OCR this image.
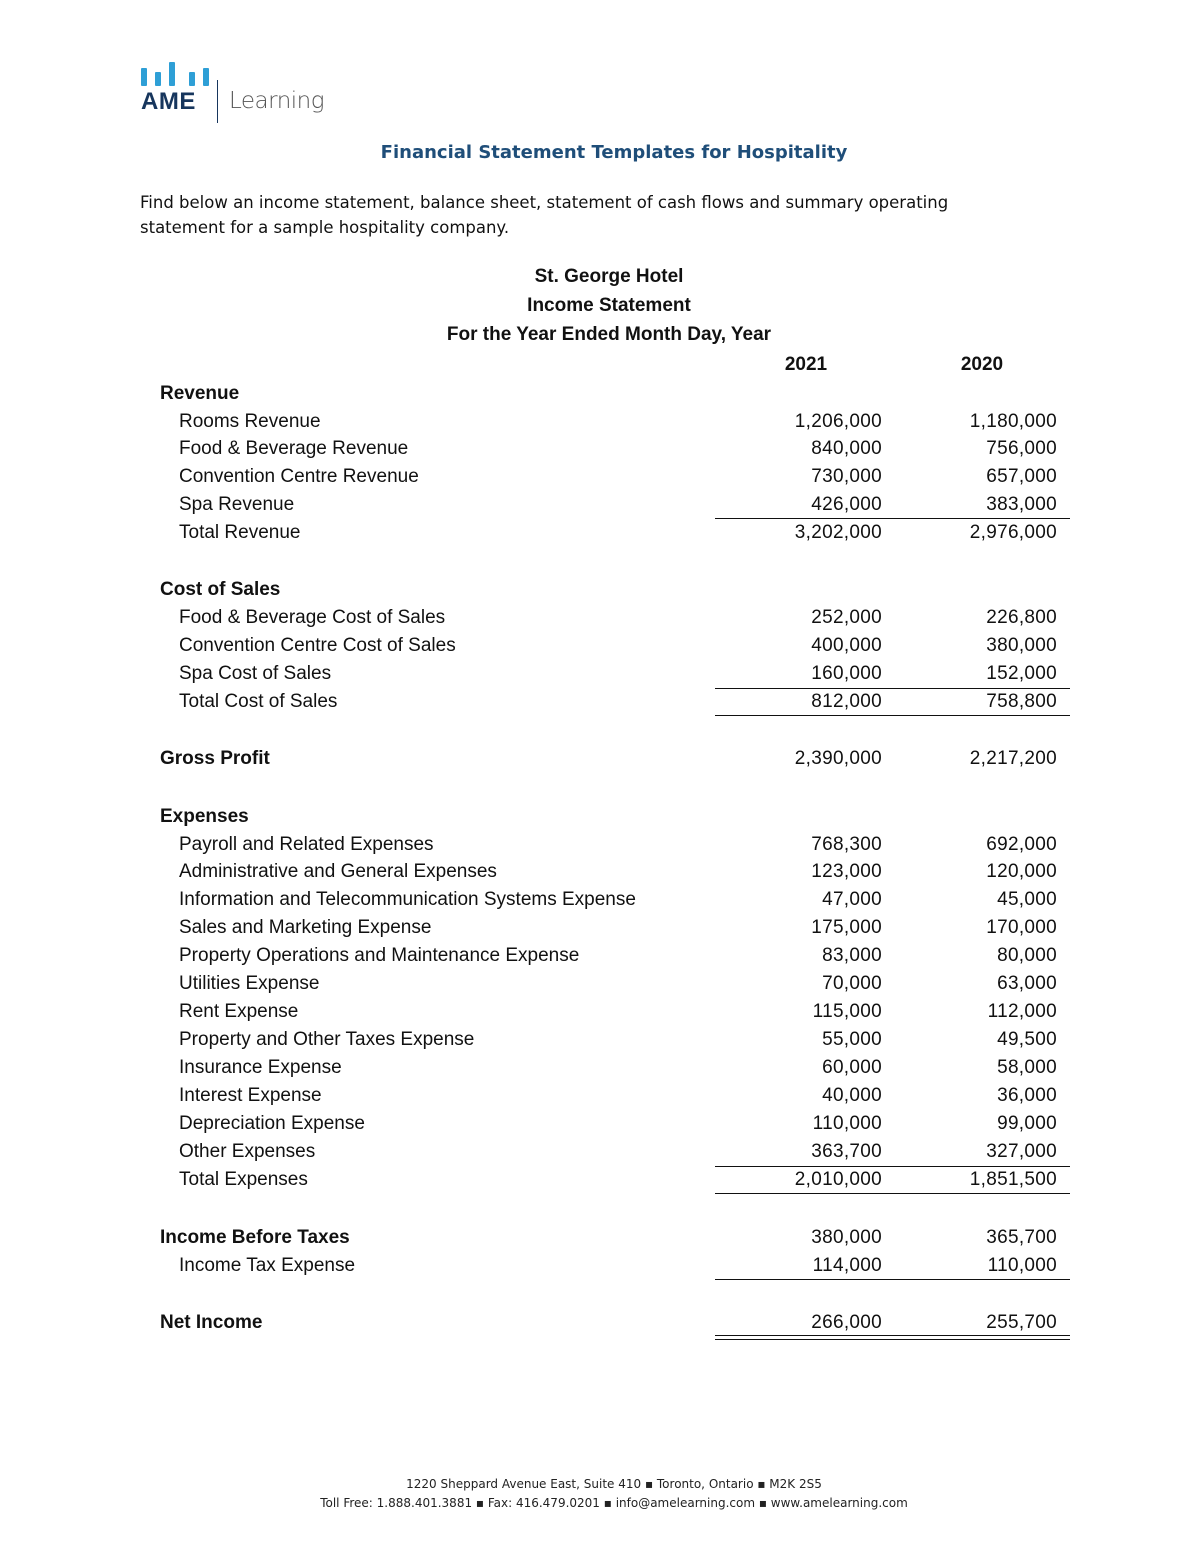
AME Learning
Financial Statement Templates for Hospitality
Find below an income statement, balance sheet, statement of cash flows and summary operating statement for a sample hospitality company.
St. George Hotel
Income Statement
For the Year Ended Month Day, Year
2021	2020
Revenue
Rooms Revenue	1,206,000	1,180,000
Food & Beverage Revenue	840,000	756,000
Convention Centre Revenue	730,000	657,000
Spa Revenue	426,000	383,000
Total Revenue	3,202,000	2,976,000
Cost of Sales
Food & Beverage Cost of Sales	252,000	226,800
Convention Centre Cost of Sales	400,000	380,000
Spa Cost of Sales	160,000	152,000
Total Cost of Sales	812,000	758,800
Gross Profit	2,390,000	2,217,200
Expenses
Payroll and Related Expenses	768,300	692,000
Administrative and General Expenses	123,000	120,000
Information and Telecommunication Systems Expense	47,000	45,000
Sales and Marketing Expense	175,000	170,000
Property Operations and Maintenance Expense	83,000	80,000
Utilities Expense	70,000	63,000
Rent Expense	115,000	112,000
Property and Other Taxes Expense	55,000	49,500
Insurance Expense	60,000	58,000
Interest Expense	40,000	36,000
Depreciation Expense	110,000	99,000
Other Expenses	363,700	327,000
Total Expenses	2,010,000	1,851,500
Income Before Taxes	380,000	365,700
Income Tax Expense	114,000	110,000
Net Income	266,000	255,700
1220 Sheppard Avenue East, Suite 410 ▪ Toronto, Ontario ▪ M2K 2S5
Toll Free: 1.888.401.3881 ▪ Fax: 416.479.0201 ▪ info@amelearning.com ▪ www.amelearning.com
